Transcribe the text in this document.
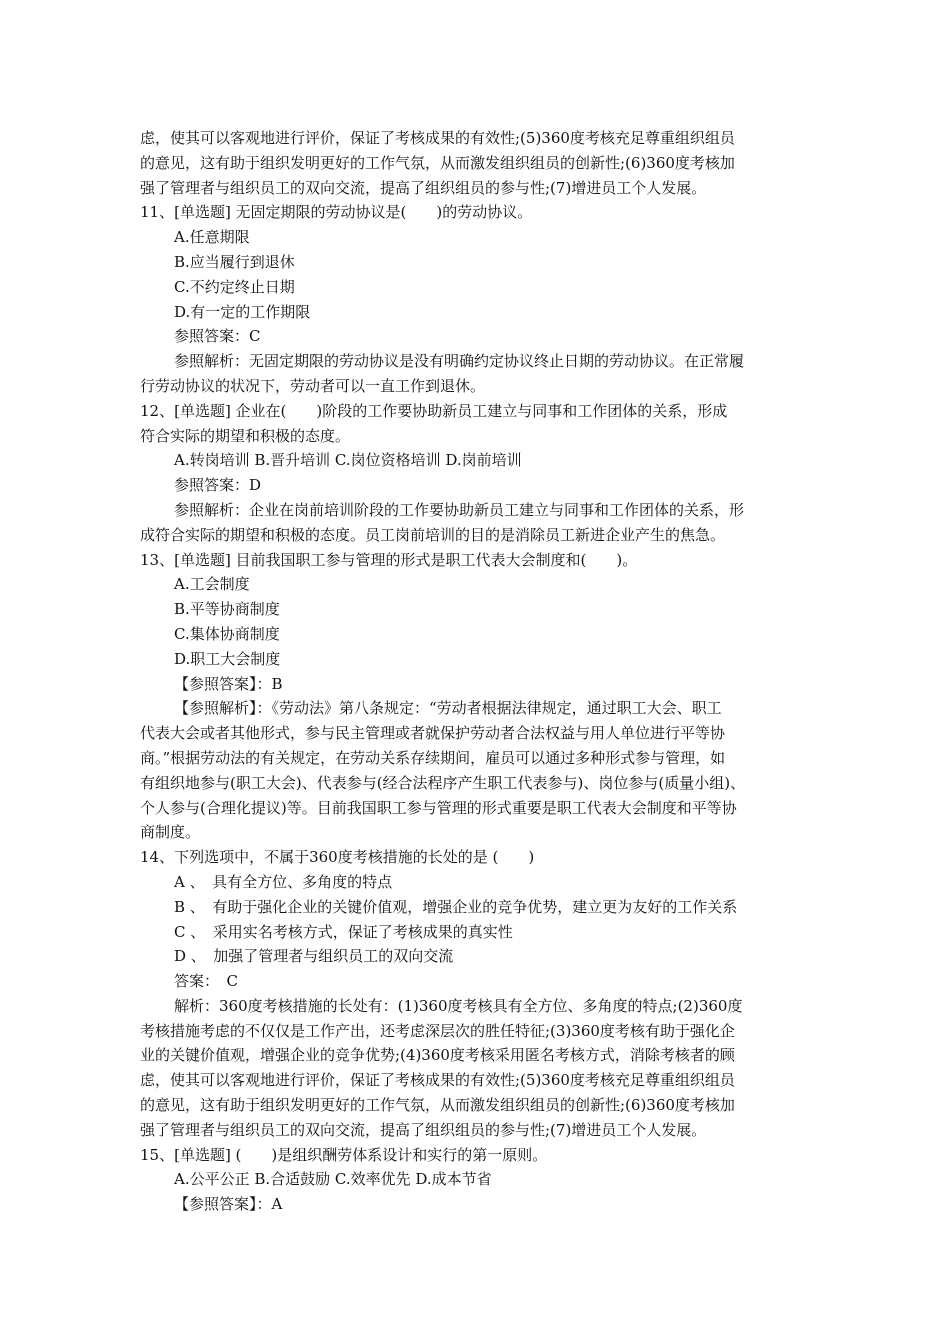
虑，使其可以客观地进行评价，保证了考核成果的有效性;(5)360度考核充足尊重组织组员
的意见，这有助于组织发明更好的工作气氛，从而激发组织组员的创新性;(6)360度考核加
强了管理者与组织员工的双向交流，提高了组织组员的参与性;(7)增进员工个人发展。
11、[单选题] 无固定期限的劳动协议是(　　)的劳动协议。
A.任意期限
B.应当履行到退休
C.不约定终止日期
D.有一定的工作期限
参照答案：C
参照解析：无固定期限的劳动协议是没有明确约定协议终止日期的劳动协议。在正常履
行劳动协议的状况下，劳动者可以一直工作到退休。
12、[单选题] 企业在(　　)阶段的工作要协助新员工建立与同事和工作团体的关系，形成
符合实际的期望和积极的态度。
A.转岗培训 B.晋升培训 C.岗位资格培训 D.岗前培训
参照答案：D
参照解析：企业在岗前培训阶段的工作要协助新员工建立与同事和工作团体的关系，形
成符合实际的期望和积极的态度。员工岗前培训的目的是消除员工新进企业产生的焦急。
13、[单选题] 目前我国职工参与管理的形式是职工代表大会制度和(　　)。
A.工会制度
B.平等协商制度
C.集体协商制度
D.职工大会制度
【参照答案】：B
【参照解析】：《劳动法》第八条规定：“劳动者根据法律规定，通过职工大会、职工
代表大会或者其他形式，参与民主管理或者就保护劳动者合法权益与用人单位进行平等协
商。”根据劳动法的有关规定，在劳动关系存续期间，雇员可以通过多种形式参与管理，如
有组织地参与(职工大会)、代表参与(经合法程序产生职工代表参与)、岗位参与(质量小组)、
个人参与(合理化提议)等。目前我国职工参与管理的形式重要是职工代表大会制度和平等协
商制度。
14、下列选项中，不属于360度考核措施的长处的是 (　　)
A 、　具有全方位、多角度的特点
B 、　有助于强化企业的关键价值观，增强企业的竞争优势，建立更为友好的工作关系
C 、　采用实名考核方式，保证了考核成果的真实性
D 、　加强了管理者与组织员工的双向交流
答案：　C
解析：360度考核措施的长处有：(1)360度考核具有全方位、多角度的特点;(2)360度
考核措施考虑的不仅仅是工作产出，还考虑深层次的胜任特征;(3)360度考核有助于强化企
业的关键价值观，增强企业的竞争优势;(4)360度考核采用匿名考核方式，消除考核者的顾
虑，使其可以客观地进行评价，保证了考核成果的有效性;(5)360度考核充足尊重组织组员
的意见，这有助于组织发明更好的工作气氛，从而激发组织组员的创新性;(6)360度考核加
强了管理者与组织员工的双向交流，提高了组织组员的参与性;(7)增进员工个人发展。
15、[单选题] (　　)是组织酬劳体系设计和实行的第一原则。
A.公平公正 B.合适鼓励 C.效率优先 D.成本节省
【参照答案】：A
